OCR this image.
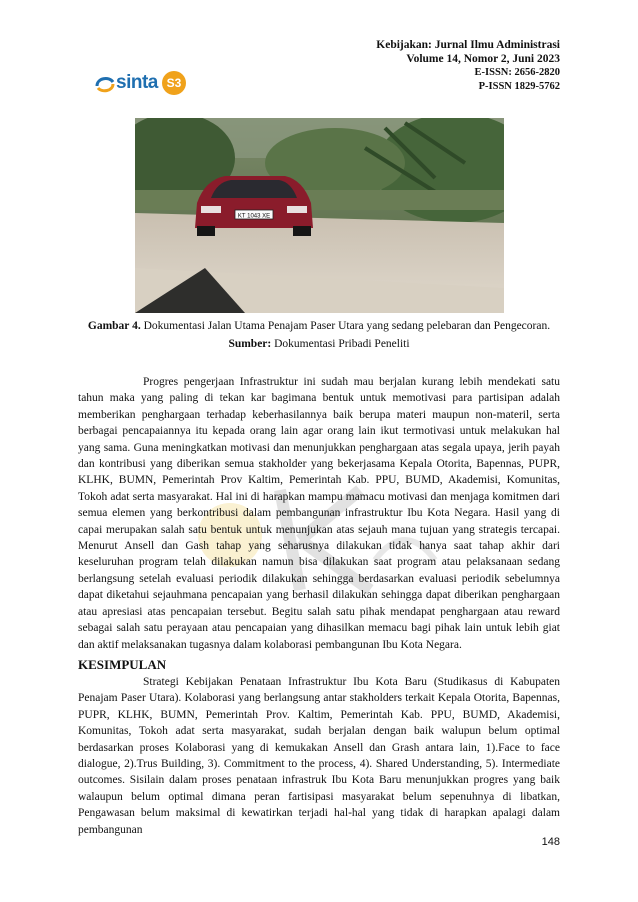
Kebijakan: Jurnal Ilmu Administrasi
Volume 14, Nomor 2, Juni 2023
E-ISSN: 2656-2820
P-ISSN 1829-5762
sinta S3
KT 1043 XE
Gambar 4. Dokumentasi Jalan Utama Penajam Paser Utara yang sedang pelebaran dan Pengecoran.
Sumber: Dokumentasi Pribadi Peneliti

Progres pengerjaan Infrastruktur ini sudah mau berjalan kurang lebih mendekati satu tahun maka yang paling di tekan kar bagimana bentuk untuk memotivasi para partisipan adalah memberikan penghargaan terhadap keberhasilannya baik berupa materi maupun non-materil, serta berbagai pencapaiannya itu kepada orang lain agar orang lain ikut termotivasi untuk melakukan hal yang sama. Guna meningkatkan motivasi dan menunjukkan penghargaan atas segala upaya, jerih payah dan kontribusi yang diberikan semua stakholder yang bekerjasama Kepala Otorita, Bapennas, PUPR, KLHK, BUMN, Pemerintah Prov Kaltim, Pemerintah Kab. PPU, BUMD, Akademisi, Komunitas, Tokoh adat serta masyarakat. Hal ini di harapkan mampu mamacu motivasi dan menjaga komitmen dari semua elemen yang berkontribusi dalam pembangunan infrastruktur Ibu Kota Negara. Hasil yang di capai merupakan salah satu bentuk untuk menunjukan atas sejauh mana tujuan yang strategis tercapai. Menurut Ansell dan Gash tahap yang seharusnya dilakukan tidak hanya saat tahap akhir dari keseluruhan program telah dilakukan namun bisa dilakukan saat program atau pelaksanaan sedang berlangsung setelah evaluasi periodik dilakukan sehingga berdasarkan evaluasi periodik sebelumnya dapat diketahui sejauhmana pencapaian yang berhasil dilakukan sehingga dapat diberikan penghargaan atau apresiasi atas pencapaian tersebut. Begitu salah satu pihak mendapat penghargaan atau reward sebagai salah satu perayaan atau pencapaian yang dihasilkan memacu bagi pihak lain untuk lebih giat dan aktif melaksanakan tugasnya dalam kolaborasi pembangunan Ibu Kota Negara.

KESIMPULAN

Strategi Kebijakan Penataan Infrastruktur Ibu Kota Baru (Studikasus di Kabupaten Penajam Paser Utara). Kolaborasi yang berlangsung antar stakholders terkait Kepala Otorita, Bapennas, PUPR, KLHK, BUMN, Pemerintah Prov. Kaltim, Pemerintah Kab. PPU, BUMD, Akademisi, Komunitas, Tokoh adat serta masyarakat, sudah berjalan dengan baik walupun belum optimal berdasarkan proses Kolaborasi yang di kemukakan Ansell dan Grash antara lain, 1).Face to face dialogue, 2).Trus Building, 3). Commitment to the process, 4). Shared Understanding, 5). Intermediate outcomes. Sisilain dalam proses penataan infrastruk Ibu Kota Baru menunjukkan progres yang baik walaupun belum optimal dimana peran fartisipasi masyarakat belum sepenuhnya di libatkan, Pengawasan belum maksimal di kewatirkan terjadi hal-hal yang tidak di harapkan apalagi dalam pembangunan

148
